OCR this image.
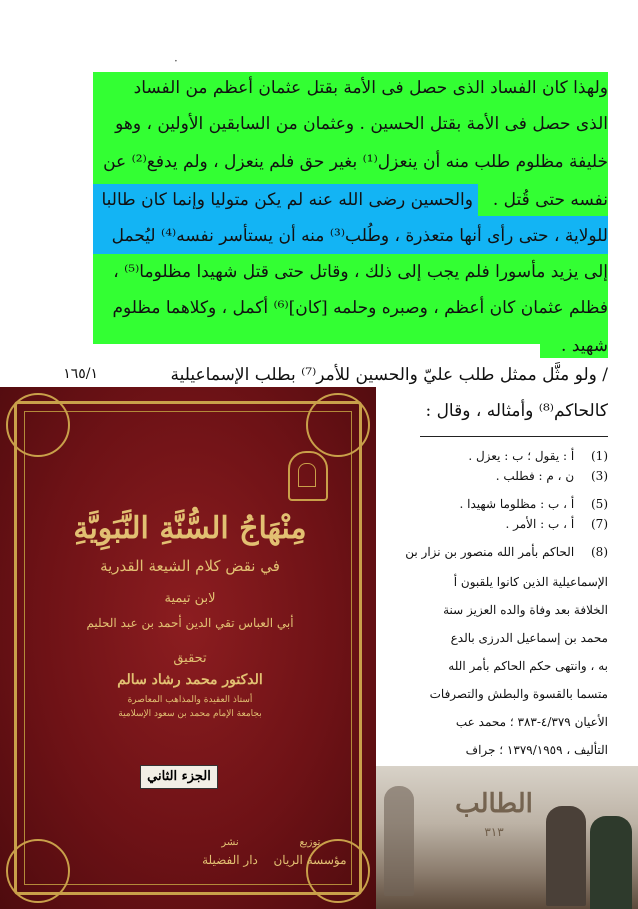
·
ولهذا كان الفساد الذى حصل فى الأمة بقتل عثمان أعظم من الفساد
الذى حصل فى الأمة بقتل الحسين . وعثمان من السابقين الأولين ، وهو
خليفة مظلوم طلب منه أن ينعزل⁽¹⁾ بغير حق فلم ينعزل ، ولم يدفع⁽²⁾ عن
نفسه حتى قُتل .
والحسين رضى الله عنه لم يكن متوليا وإنما كان طالبا
للولاية ، حتى رأى أنها متعذرة ، وطُلب⁽³⁾ منه أن يستأسر نفسه⁽⁴⁾ ليُحمل
إلى يزيد مأسورا فلم يجب إلى ذلك ، وقاتل حتى قتل شهيدا مظلوما⁽⁵⁾ ،
فظلم عثمان كان أعظم ، وصبره وحلمه [كان]⁽⁶⁾ أكمل ، وكلاهما مظلوم
شهيد .
١٦٥/١	/ ولو مثَّل ممثل طلب عليّ والحسين للأمر⁽⁷⁾ بطلب الإسماعيلية
كالحاكم⁽⁸⁾ وأمثاله ، وقال :
(1) أ : يقول ؛ ب : يعزل .
(3) ن ، م : فطلب .
(5) أ ، ب : مظلوما شهيدا .
(7) أ ، ب : الأمر .
(8) الحاكم بأمر الله منصور بن نزار بن
الإسماعيلية الذين كانوا يلقبون أ
الخلافة بعد وفاة والده العزيز سنة
محمد بن إسماعيل الدرزى بالدع
به ، وانتهى حكم الحاكم بأمر الله
متسما بالقسوة والبطش والتصرفات
الأعيان ٤/٣٧٩-٣٨٣ ؛ محمد عب
التأليف ، ١٣٧٩/١٩٥٩ ؛ جراف
مِنْهَاجُ السُّنَّةِ النَّبَوِيَّةِ
في نقض كلام الشيعة القدرية
لابن تيمية
أبي العباس تقي الدين أحمد بن عبد الحليم
تحقيق
الدكتور محمد رشاد سالم
أستاذ العقيدة والمذاهب المعاصرة
بجامعة الإمام محمد بن سعود الإسلامية
الجزء الثاني
نشر
دار الفضيلة
توزيع
مؤسسة الريان
الطالب
٣١٣
